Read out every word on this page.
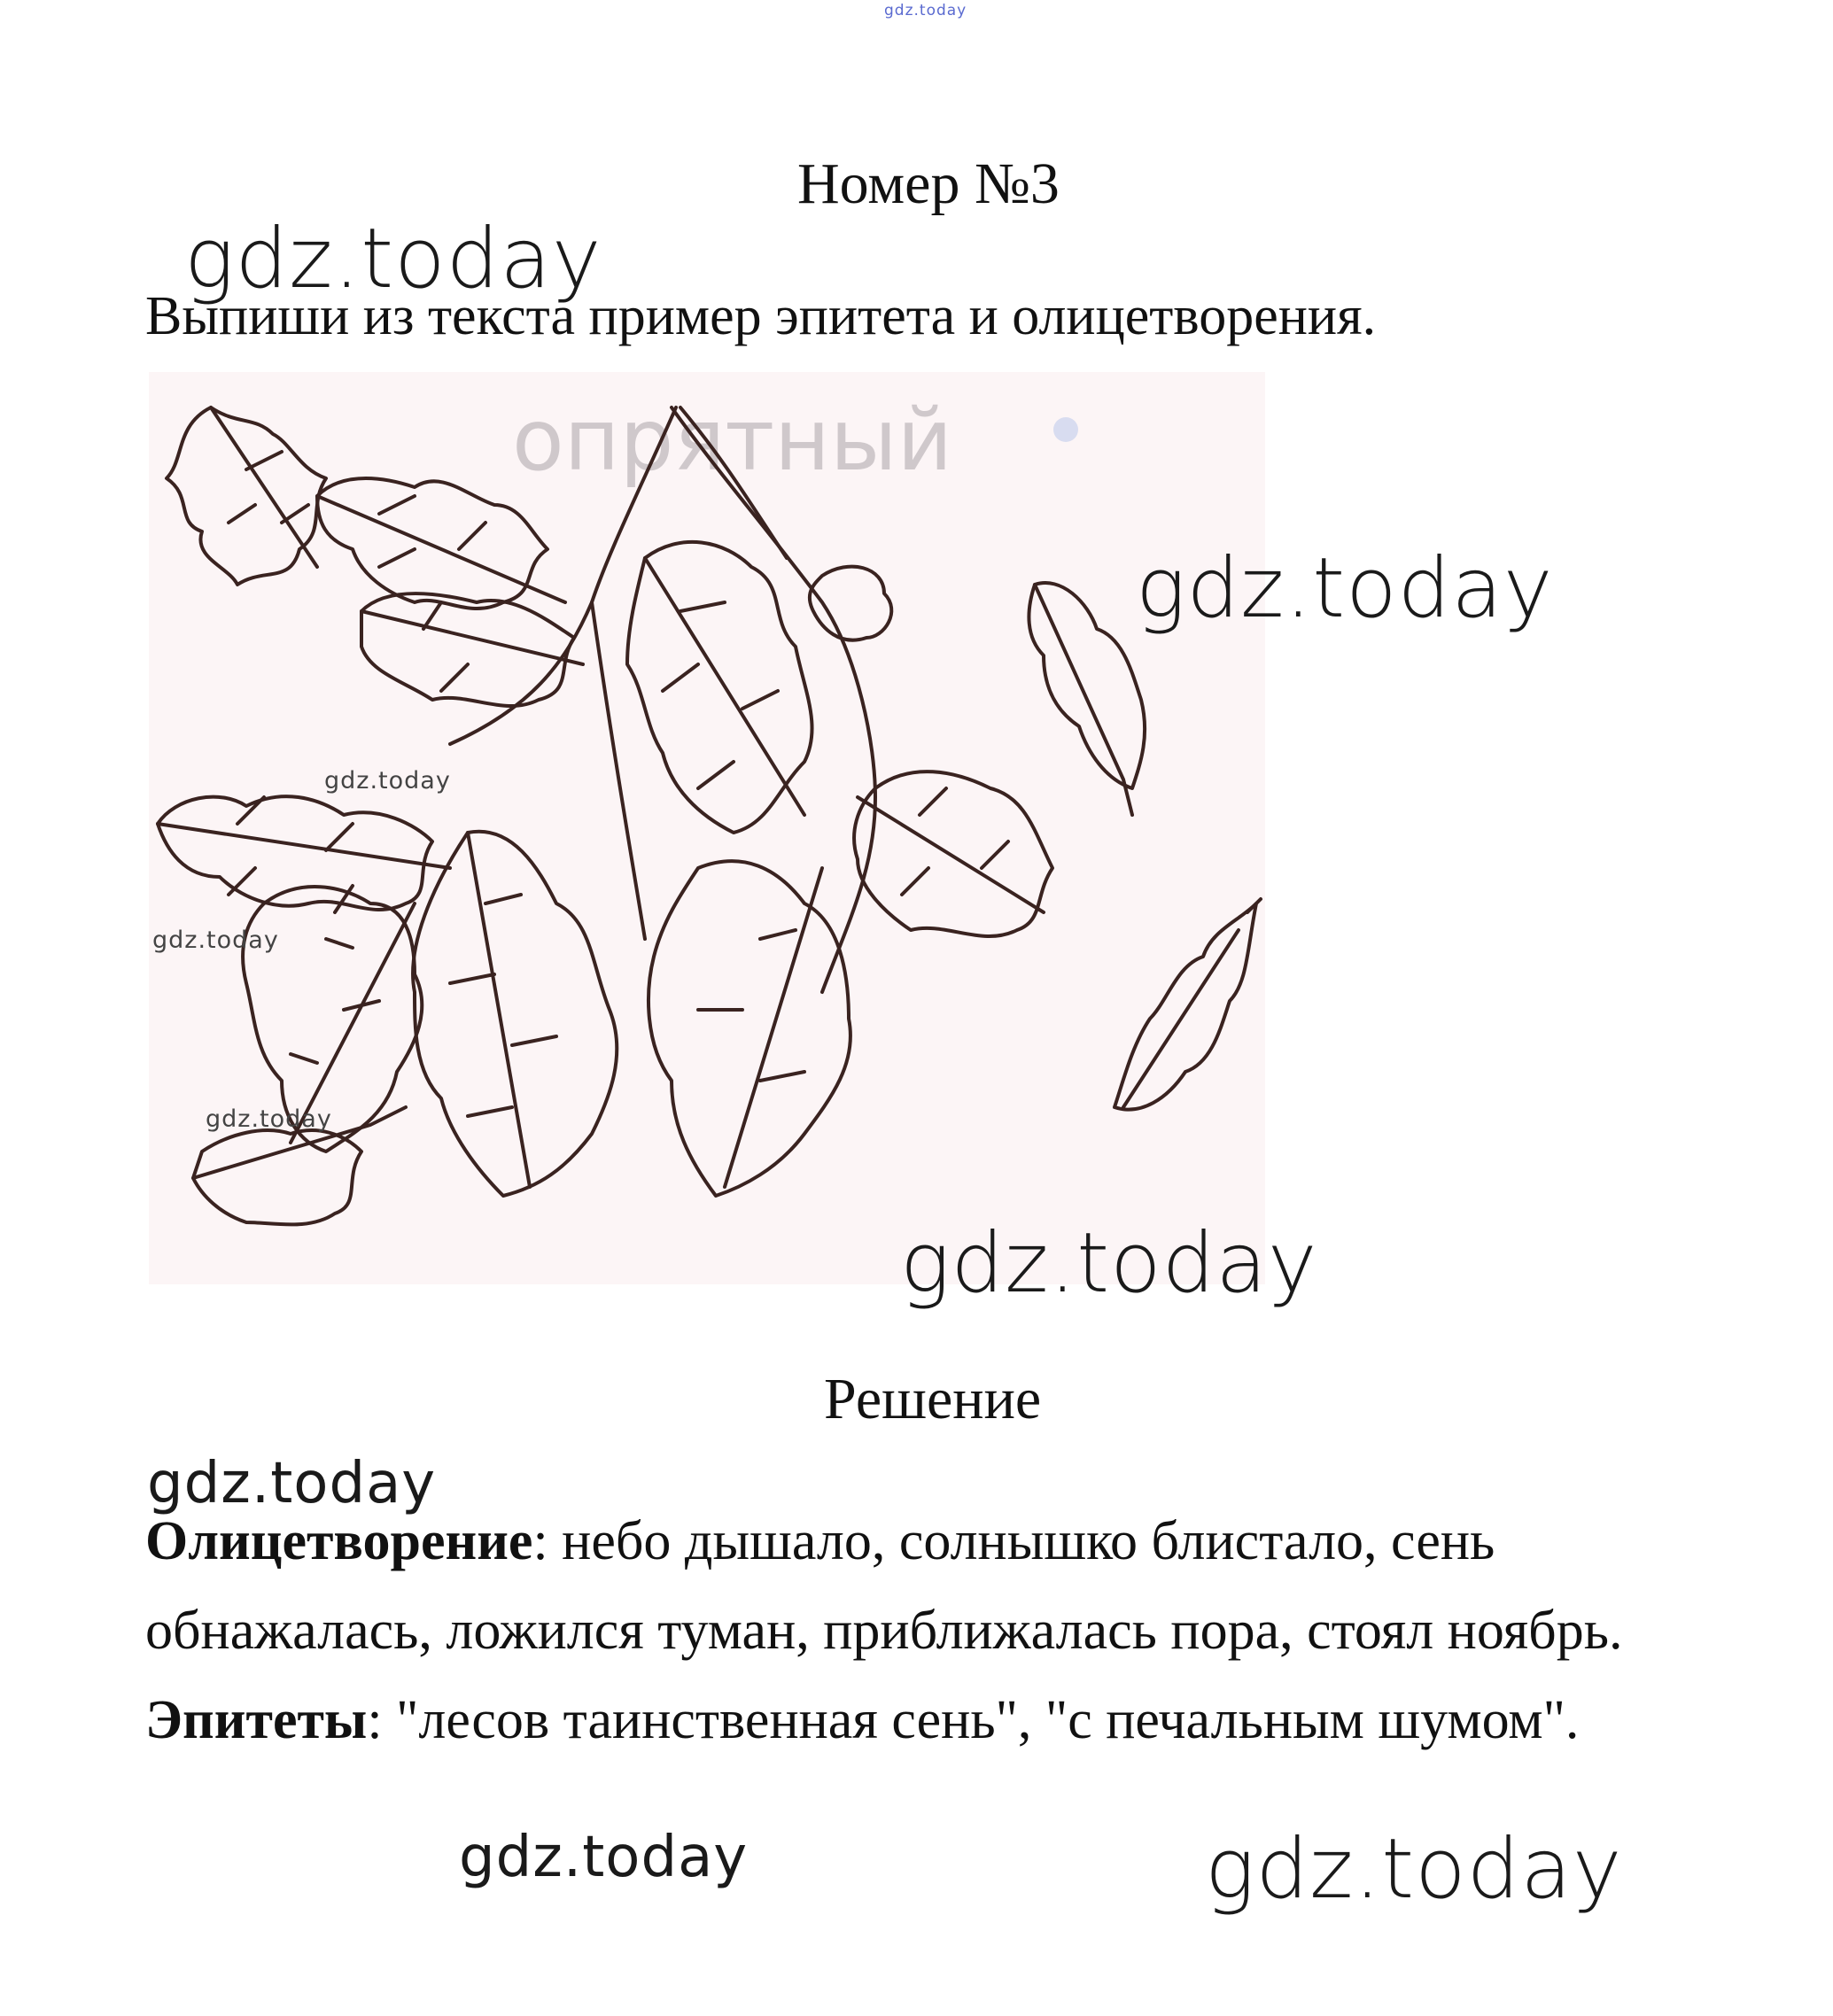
gdz.today
Номер №3
gdz.today
Выпиши из текста пример эпитета и олицетворения.
опрятный
gdz.today
gdz.today
gdz.today
gdz.today
gdz.today
Решение
gdz.today
Олицетворение: небо дышало, солнышко блистало, сень обнажалась, ложился туман, приближалась пора, стоял ноябрь.
Эпитеты: "лесов таинственная сень", "с печальным шумом".
gdz.today	gdz.today
